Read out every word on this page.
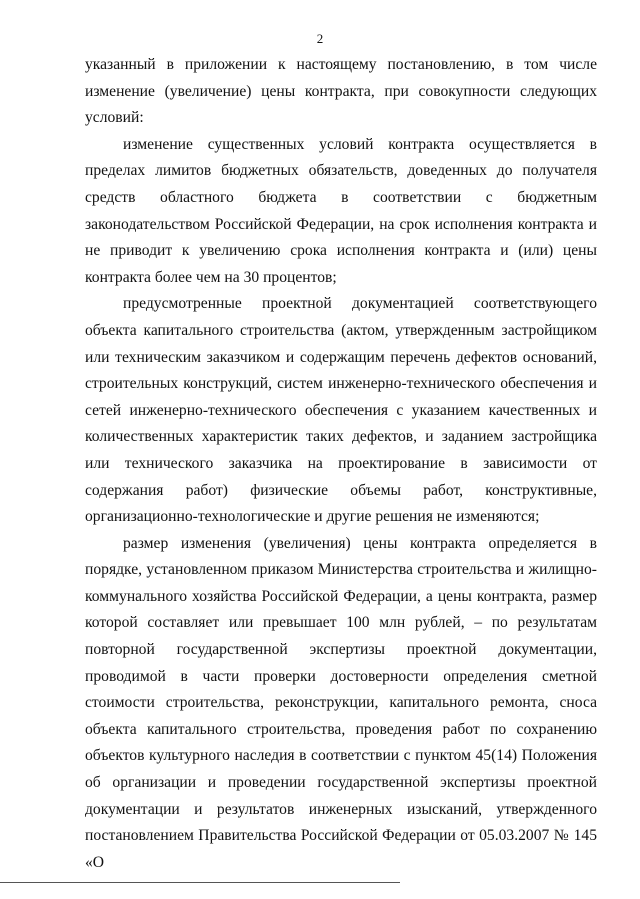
2

указанный в приложении к настоящему постановлению, в том числе изменение (увеличение) цены контракта, при совокупности следующих условий:

изменение существенных условий контракта осуществляется в пределах лимитов бюджетных обязательств, доведенных до получателя средств областного бюджета в соответствии с бюджетным законодательством Российской Федерации, на срок исполнения контракта и не приводит к увеличению срока исполнения контракта и (или) цены контракта более чем на 30 процентов;

предусмотренные проектной документацией соответствующего объекта капитального строительства (актом, утвержденным застройщиком или техническим заказчиком и содержащим перечень дефектов оснований, строительных конструкций, систем инженерно-технического обеспечения и сетей инженерно-технического обеспечения с указанием качественных и количественных характеристик таких дефектов, и заданием застройщика или технического заказчика на проектирование в зависимости от содержания работ) физические объемы работ, конструктивные, организационно-технологические и другие решения не изменяются;

размер изменения (увеличения) цены контракта определяется в порядке, установленном приказом Министерства строительства и жилищно-коммунального хозяйства Российской Федерации, а цены контракта, размер которой составляет или превышает 100 млн рублей, – по результатам повторной государственной экспертизы проектной документации, проводимой в части проверки достоверности определения сметной стоимости строительства, реконструкции, капитального ремонта, сноса объекта капитального строительства, проведения работ по сохранению объектов культурного наследия в соответствии с пунктом 45(14) Положения об организации и проведении государственной экспертизы проектной документации и результатов инженерных изысканий, утвержденного постановлением Правительства Российской Федерации от 05.03.2007 № 145 «О
